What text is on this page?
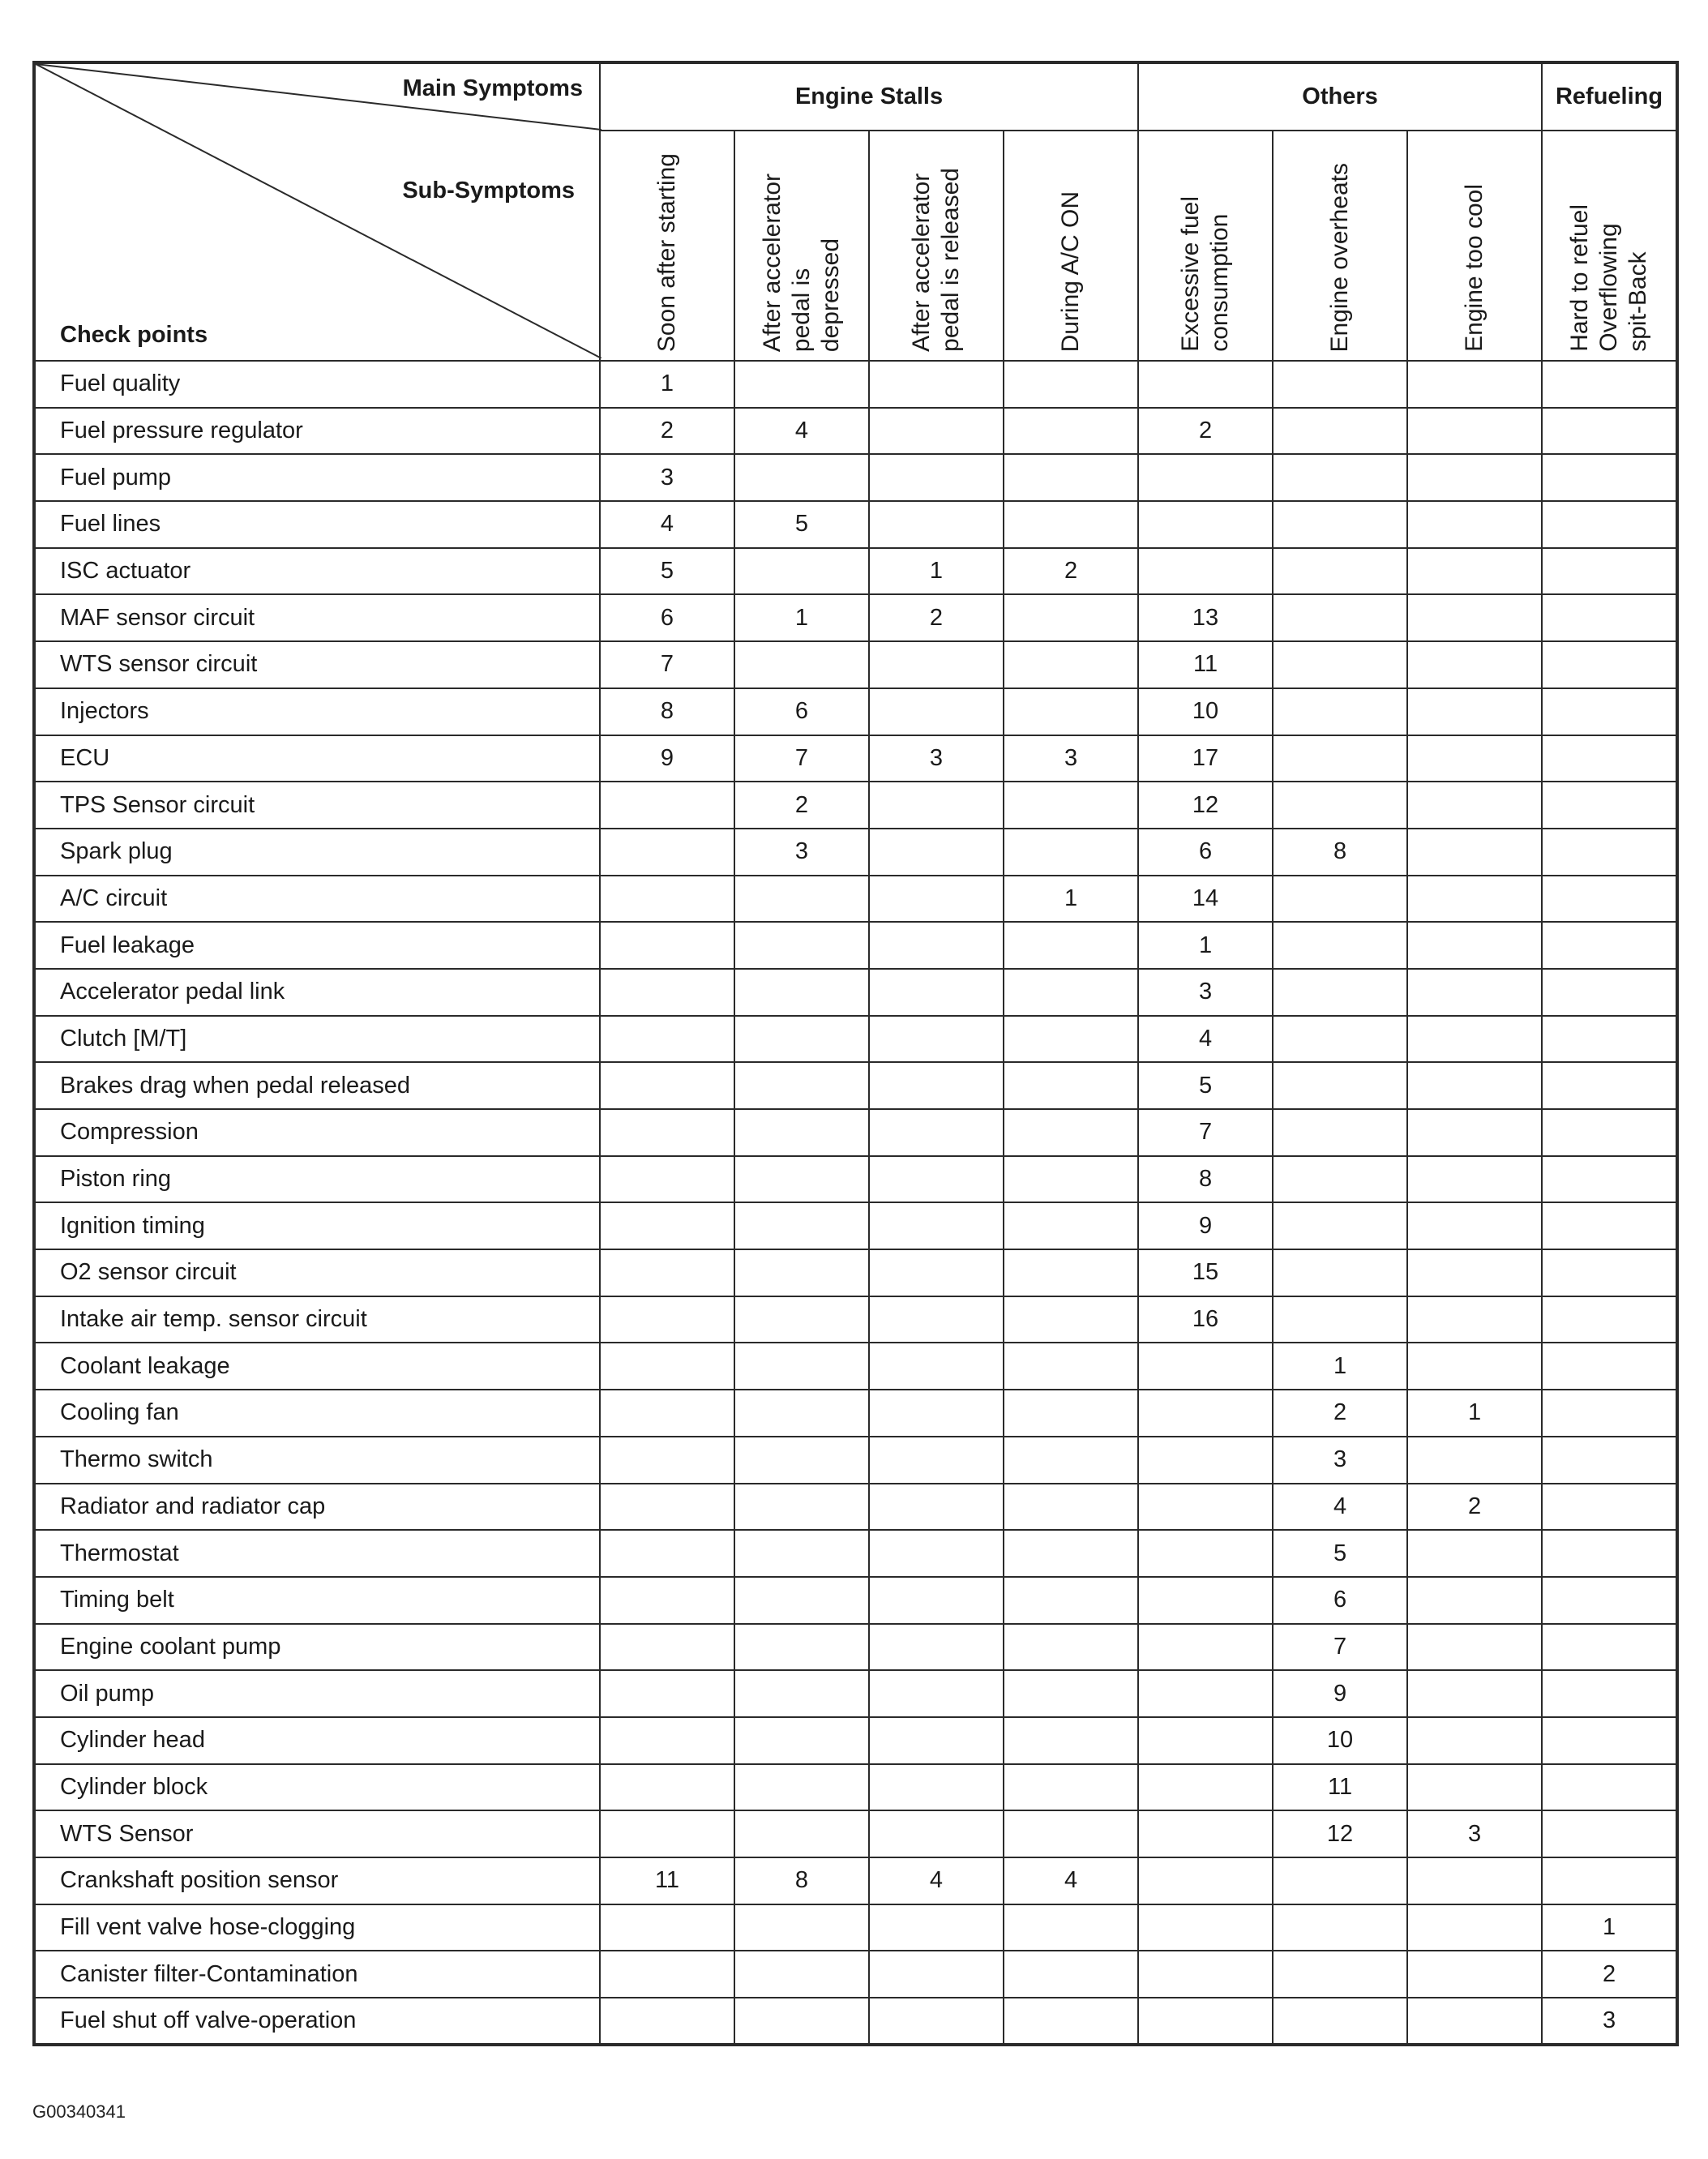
Main Symptoms
Sub-Symptoms
Check points	Engine Stalls				Others			Refueling

	Soon after starting	After accelerator
pedal is
depressed	After accelerator
pedal is released	During A/C ON	Excessive fuel
consumption	Engine overheats	Engine too cool	Hard to refuel
Overflowing
spit-Back

Fuel quality	1							
Fuel pressure regulator	2	4			2			
Fuel pump	3							
Fuel lines	4	5						
ISC actuator	5		1	2				
MAF sensor circuit	6	1	2		13			
WTS sensor circuit	7				11			
Injectors	8	6			10			
ECU	9	7	3	3	17			
TPS Sensor circuit		2			12			
Spark plug		3			6	8		
A/C circuit				1	14			
Fuel leakage					1			
Accelerator pedal link					3			
Clutch [M/T]					4			
Brakes drag when pedal released					5			
Compression					7			
Piston ring					8			
Ignition timing					9			
O2 sensor circuit					15			
Intake air temp. sensor circuit					16			
Coolant leakage						1		
Cooling fan						2	1	
Thermo switch						3		
Radiator and radiator cap						4	2	
Thermostat						5		
Timing belt						6		
Engine coolant pump						7		
Oil pump						9		
Cylinder head						10		
Cylinder block						11		
WTS Sensor						12	3	
Crankshaft position sensor	11	8	4	4				
Fill vent valve hose-clogging								1
Canister filter-Contamination								2
Fuel shut off valve-operation								3
G00340341
